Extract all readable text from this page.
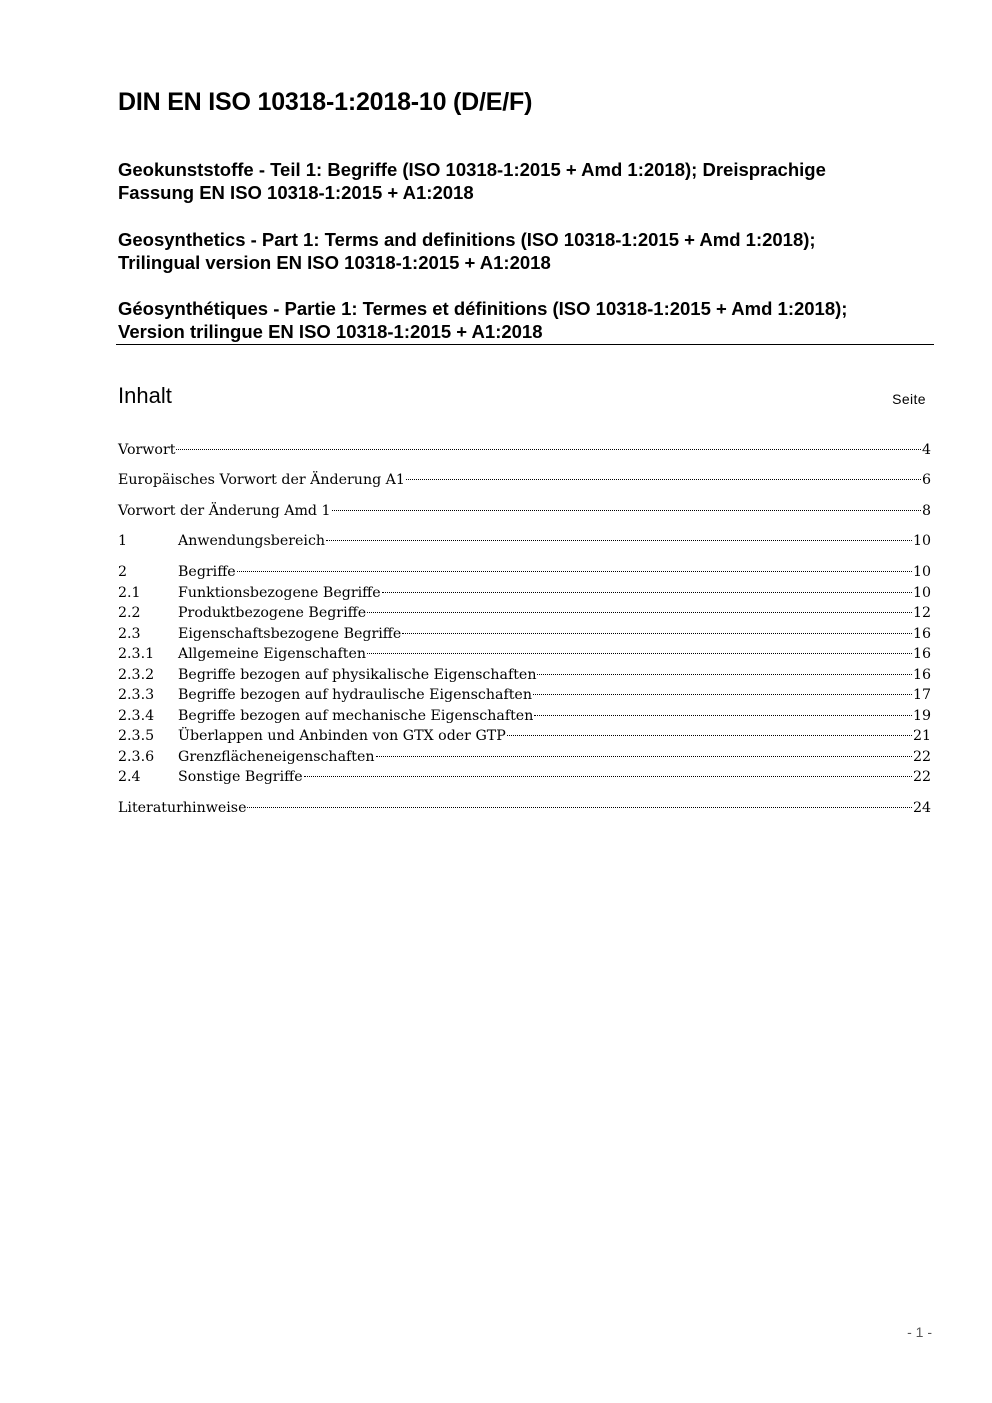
DIN EN ISO 10318-1:2018-10 (D/E/F)
Geokunststoffe - Teil 1: Begriffe (ISO 10318-1:2015 + Amd 1:2018); Dreisprachige
Fassung EN ISO 10318-1:2015 + A1:2018
Geosynthetics - Part 1: Terms and definitions (ISO 10318-1:2015 + Amd 1:2018);
Trilingual version EN ISO 10318-1:2015 + A1:2018
Géosynthétiques - Partie 1: Termes et définitions (ISO 10318-1:2015 + Amd 1:2018);
Version trilingue EN ISO 10318-1:2015 + A1:2018
Inhalt	Seite
Vorwort	4
Europäisches Vorwort der Änderung A1	6
Vorwort der Änderung Amd 1	8
1	Anwendungsbereich	10
2	Begriffe	10
2.1	Funktionsbezogene Begriffe	10
2.2	Produktbezogene Begriffe	12
2.3	Eigenschaftsbezogene Begriffe	16
2.3.1	Allgemeine Eigenschaften	16
2.3.2	Begriffe bezogen auf physikalische Eigenschaften	16
2.3.3	Begriffe bezogen auf hydraulische Eigenschaften	17
2.3.4	Begriffe bezogen auf mechanische Eigenschaften	19
2.3.5	Überlappen und Anbinden von GTX oder GTP	21
2.3.6	Grenzflächeneigenschaften	22
2.4	Sonstige Begriffe	22
Literaturhinweise	24
- 1 -
